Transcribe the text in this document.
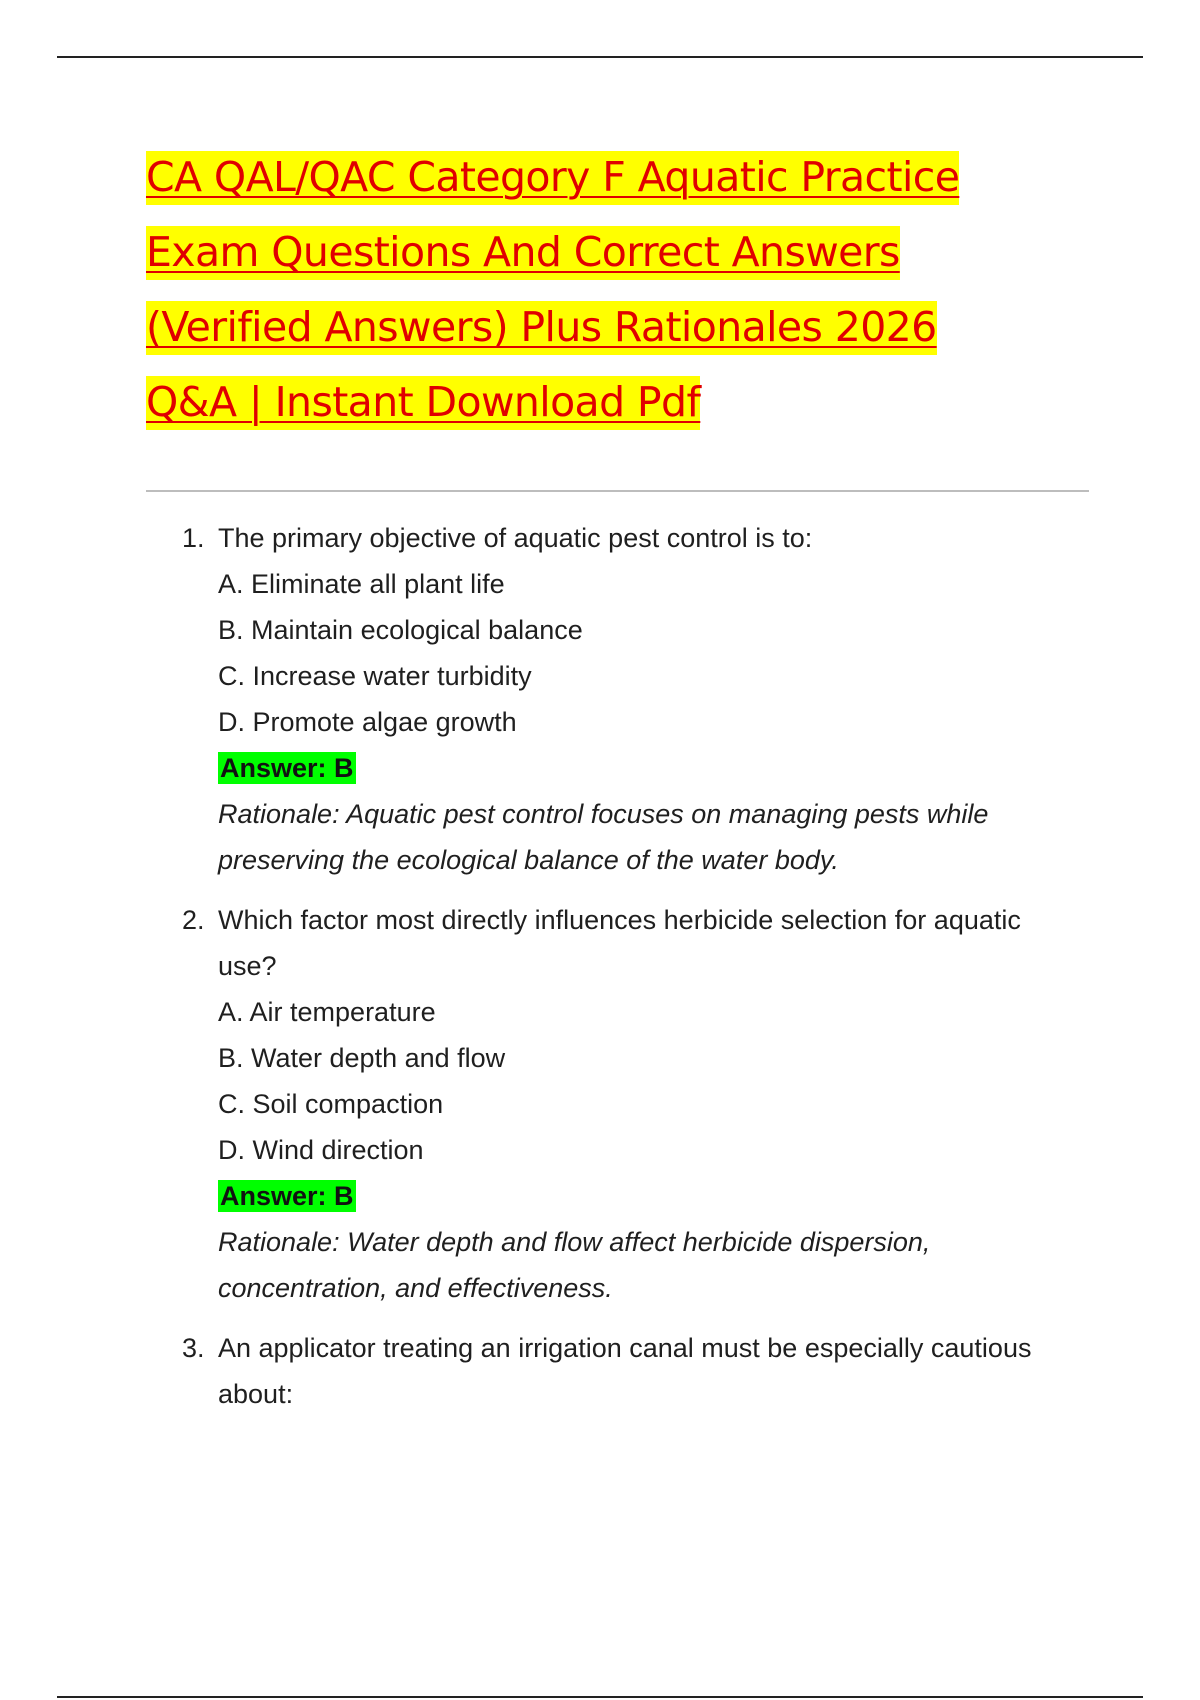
CA QAL/QAC Category F Aquatic Practice
Exam Questions And Correct Answers
(Verified Answers) Plus Rationales 2026
Q&A | Instant Download Pdf
1. The primary objective of aquatic pest control is to:
A. Eliminate all plant life
B. Maintain ecological balance
C. Increase water turbidity
D. Promote algae growth
Answer: B
Rationale: Aquatic pest control focuses on managing pests while preserving the ecological balance of the water body.
2. Which factor most directly influences herbicide selection for aquatic use?
A. Air temperature
B. Water depth and flow
C. Soil compaction
D. Wind direction
Answer: B
Rationale: Water depth and flow affect herbicide dispersion, concentration, and effectiveness.
3. An applicator treating an irrigation canal must be especially cautious about:
